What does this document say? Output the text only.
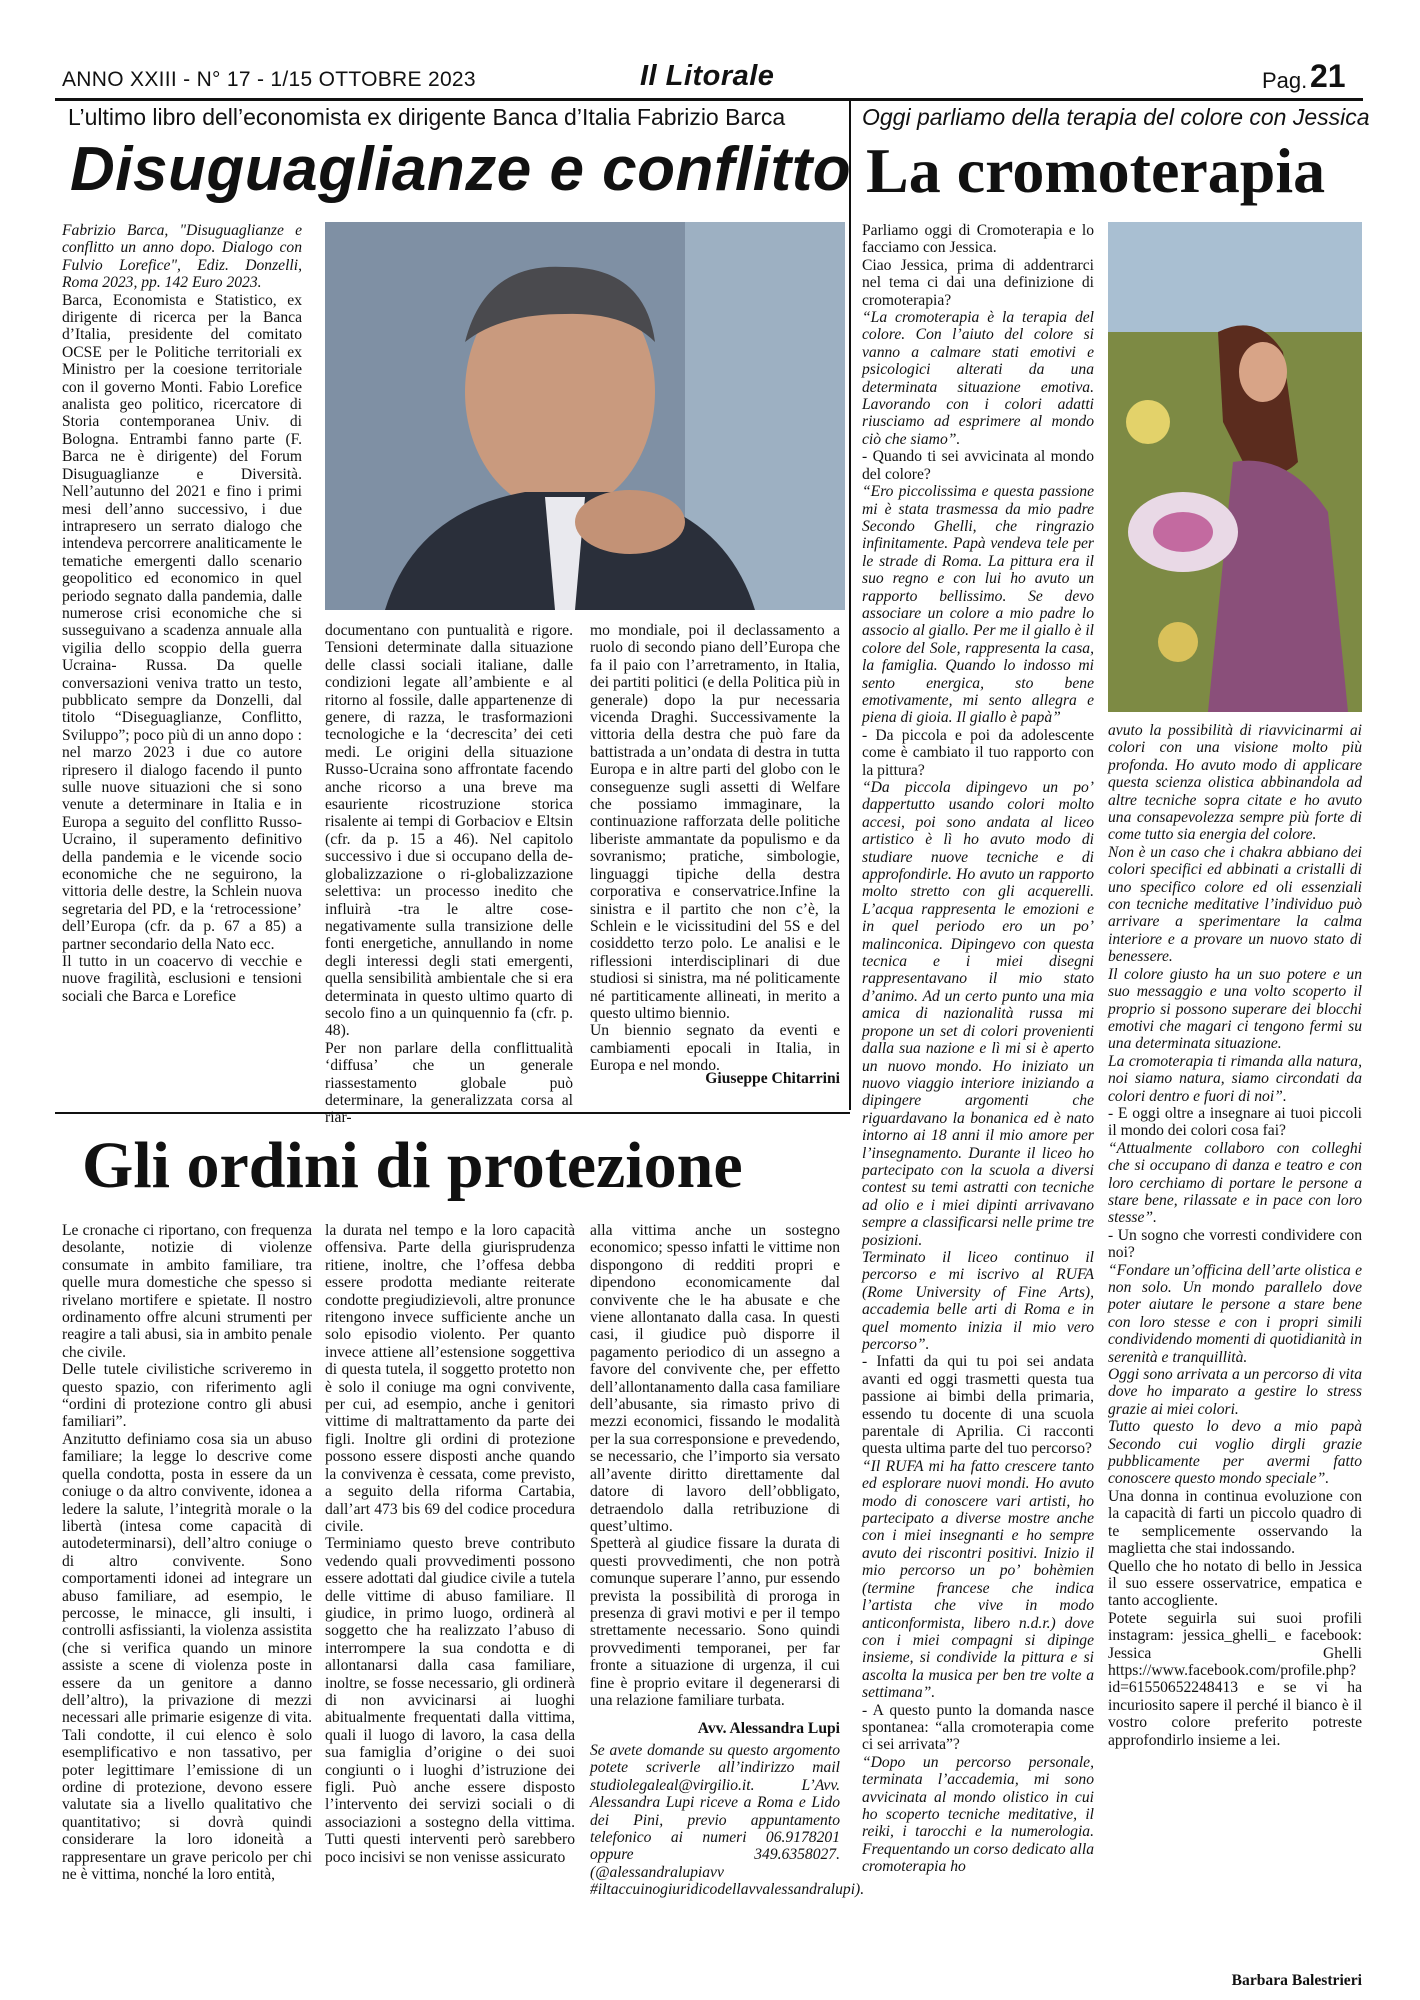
ANNO XXIII - N° 17 - 1/15 OTTOBRE 2023	Il Litorale	Pag. 21
L’ultimo libro dell’economista ex dirigente Banca d’Italia Fabrizio Barca
Disuguaglianze e conflitto

Fabrizio Barca, "Disuguaglianze e conflitto un anno dopo. Dialogo con Fulvio Lorefice", Ediz. Donzelli, Roma 2023, pp. 142 Euro 2023.

Barca, Economista e Statistico, ex dirigente di ricerca per la Banca d’Italia, presidente del comitato OCSE per le Politiche territoriali ex Ministro per la coesione territoriale con il governo Monti. Fabio Lorefice analista geo politico, ricercatore di Storia contemporanea Univ. di Bologna. Entrambi fanno parte (F. Barca ne è dirigente) del Forum Disuguaglianze e Diversità. Nell’autunno del 2021 e fino i primi mesi dell’anno successivo, i due intrapresero un serrato dialogo che intendeva percorrere analiticamente le tematiche emergenti dallo scenario geopolitico ed economico in quel periodo segnato dalla pandemia, dalle numerose crisi economiche che si susseguivano a scadenza annuale alla vigilia dello scoppio della guerra Ucraina- Russa. Da quelle conversazioni veniva tratto un testo, pubblicato sempre da Donzelli, dal titolo “Diseguaglianze, Conflitto, Sviluppo”; poco più di un anno dopo : nel marzo 2023 i due co autore ripresero il dialogo facendo il punto sulle nuove situazioni che si sono venute a determinare in Italia e in Europa a seguito del conflitto Russo-Ucraino, il superamento definitivo della pandemia e le vicende socio economiche che ne seguirono, la vittoria delle destre, la Schlein nuova segretaria del PD, e la ‘retrocessione’ dell’Europa (cfr. da p. 67 a 85) a partner secondario della Nato ecc.

Il tutto in un coacervo di vecchie e nuove fragilità, esclusioni e tensioni sociali che Barca e Lorefice

documentano con puntualità e rigore. Tensioni determinate dalla situazione delle classi sociali italiane, dalle condizioni legate all’ambiente e al ritorno al fossile, dalle appartenenze di genere, di razza, le trasformazioni tecnologiche e la ‘decrescita’ dei ceti medi. Le origini della situazione Russo-Ucraina sono affrontate facendo anche ricorso a una breve ma esauriente ricostruzione storica risalente ai tempi di Gorbaciov e Eltsin (cfr. da p. 15 a 46). Nel capitolo successivo i due si occupano della de-globalizzazione o ri-globalizzazione selettiva: un processo inedito che influirà -tra le altre cose- negativamente sulla transizione delle fonti energetiche, annullando in nome degli interessi degli stati emergenti, quella sensibilità ambientale che si era determinata in questo ultimo quarto di secolo fino a un quinquennio fa (cfr. p. 48).

Per non parlare della conflittualità ‘diffusa’ che un generale riassestamento globale può determinare, la generalizzata corsa al riar-

mo mondiale, poi il declassamento a ruolo di secondo piano dell’Europa che fa il paio con l’arretramento, in Italia, dei partiti politici (e della Politica più in generale) dopo la pur necessaria vicenda Draghi. Successivamente la vittoria della destra che può fare da battistrada a un’ondata di destra in tutta Europa e in altre parti del globo con le conseguenze sugli assetti di Welfare che possiamo immaginare, la continuazione rafforzata delle politiche liberiste ammantate da populismo e da sovranismo; pratiche, simbologie, linguaggi tipiche della destra corporativa e conservatrice.Infine la sinistra e il partito che non c’è, la Schlein e le vicissitudini del 5S e del cosiddetto terzo polo. Le analisi e le riflessioni interdisciplinari di due studiosi si sinistra, ma né politicamente né partiticamente allineati, in merito a questo ultimo biennio.

Un biennio segnato da eventi e cambiamenti epocali in Italia, in Europa e nel mondo.

Giuseppe Chitarrini
Gli ordini di protezione

Le cronache ci riportano, con frequenza desolante, notizie di violenze consumate in ambito familiare, tra quelle mura domestiche che spesso si rivelano mortifere e spietate. Il nostro ordinamento offre alcuni strumenti per reagire a tali abusi, sia in ambito penale che civile.

Delle tutele civilistiche scriveremo in questo spazio, con riferimento agli “ordini di protezione contro gli abusi familiari”.

Anzitutto definiamo cosa sia un abuso familiare; la legge lo descrive come quella condotta, posta in essere da un coniuge o da altro convivente, idonea a ledere la salute, l’integrità morale o la libertà (intesa come capacità di autodeterminarsi), dell’altro coniuge o di altro convivente. Sono comportamenti idonei ad integrare un abuso familiare, ad esempio, le percosse, le minacce, gli insulti, i controlli asfissianti, la violenza assistita (che si verifica quando un minore assiste a scene di violenza poste in essere da un genitore a danno dell’altro), la privazione di mezzi necessari alle primarie esigenze di vita. Tali condotte, il cui elenco è solo esemplificativo e non tassativo, per poter legittimare l’emissione di un ordine di protezione, devono essere valutate sia a livello qualitativo che quantitativo; si dovrà quindi considerare la loro idoneità a rappresentare un grave pericolo per chi ne è vittima, nonché la loro entità,

la durata nel tempo e la loro capacità offensiva. Parte della giurisprudenza ritiene, inoltre, che l’offesa debba essere prodotta mediante reiterate condotte pregiudizievoli, altre pronunce ritengono invece sufficiente anche un solo episodio violento. Per quanto invece attiene all’estensione soggettiva di questa tutela, il soggetto protetto non è solo il coniuge ma ogni convivente, per cui, ad esempio, anche i genitori vittime di maltrattamento da parte dei figli. Inoltre gli ordini di protezione possono essere disposti anche quando la convivenza è cessata, come previsto, a seguito della riforma Cartabia, dall’art 473 bis 69 del codice procedura civile.

Terminiamo questo breve contributo vedendo quali provvedimenti possono essere adottati dal giudice civile a tutela delle vittime di abuso familiare. Il giudice, in primo luogo, ordinerà al soggetto che ha realizzato l’abuso di interrompere la sua condotta e di allontanarsi dalla casa familiare, inoltre, se fosse necessario, gli ordinerà di non avvicinarsi ai luoghi abitualmente frequentati dalla vittima, quali il luogo di lavoro, la casa della sua famiglia d’origine o dei suoi congiunti o i luoghi d’istruzione dei figli. Può anche essere disposto l’intervento dei servizi sociali o di associazioni a sostegno della vittima. Tutti questi interventi però sarebbero poco incisivi se non venisse assicurato

alla vittima anche un sostegno economico; spesso infatti le vittime non dispongono di redditi propri e dipendono economicamente dal convivente che le ha abusate e che viene allontanato dalla casa. In questi casi, il giudice può disporre il pagamento periodico di un assegno a favore del convivente che, per effetto dell’allontanamento dalla casa familiare dell’abusante, sia rimasto privo di mezzi economici, fissando le modalità per la sua corresponsione e prevedendo, se necessario, che l’importo sia versato all’avente diritto direttamente dal datore di lavoro dell’obbligato, detraendolo dalla retribuzione di quest’ultimo.

Spetterà al giudice fissare la durata di questi provvedimenti, che non potrà comunque superare l’anno, pur essendo prevista la possibilità di proroga in presenza di gravi motivi e per il tempo strettamente necessario. Sono quindi provvedimenti temporanei, per far fronte a situazione di urgenza, il cui fine è proprio evitare il degenerarsi di una relazione familiare turbata.

Avv. Alessandra Lupi

Se avete domande su questo argomento potete scriverle all’indirizzo mail studiolegaleal@virgilio.it. L’Avv. Alessandra Lupi riceve a Roma e Lido dei Pini, previo appuntamento telefonico ai numeri 06.9178201 oppure 349.6358027. (@alessandralupiavv #iltaccuinogiuridicodellavvalessandralupi).

Oggi parliamo della terapia del colore con Jessica
La cromoterapia

Parliamo oggi di Cromoterapia e lo facciamo con Jessica.

Ciao Jessica, prima di addentrarci nel tema ci dai una definizione di cromoterapia?

“La cromoterapia è la terapia del colore. Con l’aiuto del colore si vanno a calmare stati emotivi e psicologici alterati da una determinata situazione emotiva. Lavorando con i colori adatti riusciamo ad esprimere al mondo ciò che siamo”.

- Quando ti sei avvicinata al mondo del colore?

“Ero piccolissima e questa passione mi è stata trasmessa da mio padre Secondo Ghelli, che ringrazio infinitamente. Papà vendeva tele per le strade di Roma. La pittura era il suo regno e con lui ho avuto un rapporto bellissimo. Se devo associare un colore a mio padre lo associo al giallo. Per me il giallo è il colore del Sole, rappresenta la casa, la famiglia. Quando lo indosso mi sento energica, sto bene emotivamente, mi sento allegra e piena di gioia. Il giallo è papà”

- Da piccola e poi da adolescente come è cambiato il tuo rapporto con la pittura?

“Da piccola dipingevo un po’ dappertutto usando colori molto accesi, poi sono andata al liceo artistico è lì ho avuto modo di studiare nuove tecniche e di approfondirle. Ho avuto un rapporto molto stretto con gli acquerelli. L’acqua rappresenta le emozioni e in quel periodo ero un po’ malinconica. Dipingevo con questa tecnica e i miei disegni rappresentavano il mio stato d’animo. Ad un certo punto una mia amica di nazionalità russa mi propone un set di colori provenienti dalla sua nazione e lì mi si è aperto un nuovo mondo. Ho iniziato un nuovo viaggio interiore iniziando a dipingere argomenti che riguardavano la bonanica ed è nato intorno ai 18 anni il mio amore per l’insegnamento. Durante il liceo ho partecipato con la scuola a diversi contest su temi astratti con tecniche ad olio e i miei dipinti arrivavano sempre a classificarsi nelle prime tre posizioni.

Terminato il liceo continuo il percorso e mi iscrivo al RUFA (Rome University of Fine Arts), accademia belle arti di Roma e in quel momento inizia il mio vero percorso”.

- Infatti da qui tu poi sei andata avanti ed oggi trasmetti questa tua passione ai bimbi della primaria, essendo tu docente di una scuola parentale di Aprilia. Ci racconti questa ultima parte del tuo percorso?

“Il RUFA mi ha fatto crescere tanto ed esplorare nuovi mondi. Ho avuto modo di conoscere vari artisti, ho partecipato a diverse mostre anche con i miei insegnanti e ho sempre avuto dei riscontri positivi. Inizio il mio percorso un po’ bohèmien (termine francese che indica l’artista che vive in modo anticonformista, libero n.d.r.) dove con i miei compagni si dipinge insieme, si condivide la pittura e si ascolta la musica per ben tre volte a settimana”.

- A questo punto la domanda nasce spontanea: “alla cromoterapia come ci sei arrivata”?

“Dopo un percorso personale, terminata l’accademia, mi sono avvicinata al mondo olistico in cui ho scoperto tecniche meditative, il reiki, i tarocchi e la numerologia. Frequentando un corso dedicato alla cromoterapia ho

avuto la possibilità di riavvicinarmi ai colori con una visione molto più profonda. Ho avuto modo di applicare questa scienza olistica abbinandola ad altre tecniche sopra citate e ho avuto una consapevolezza sempre più forte di come tutto sia energia del colore.

Non è un caso che i chakra abbiano dei colori specifici ed abbinati a cristalli di uno specifico colore ed oli essenziali con tecniche meditative l’individuo può arrivare a sperimentare la calma interiore e a provare un nuovo stato di benessere.

Il colore giusto ha un suo potere e un suo messaggio e una volto scoperto il proprio si possono superare dei blocchi emotivi che magari ci tengono fermi su una determinata situazione.

La cromoterapia ti rimanda alla natura, noi siamo natura, siamo circondati da colori dentro e fuori di noi”.

- E oggi oltre a insegnare ai tuoi piccoli il mondo dei colori cosa fai?

“Attualmente collaboro con colleghi che si occupano di danza e teatro e con loro cerchiamo di portare le persone a stare bene, rilassate e in pace con loro stesse”.

- Un sogno che vorresti condividere con noi?

“Fondare un’officina dell’arte olistica e non solo. Un mondo parallelo dove poter aiutare le persone a stare bene con loro stesse e con i propri simili condividendo momenti di quotidianità in serenità e tranquillità.

Oggi sono arrivata a un percorso di vita dove ho imparato a gestire lo stress grazie ai miei colori.

Tutto questo lo devo a mio papà Secondo cui voglio dirgli grazie pubblicamente per avermi fatto conoscere questo mondo speciale”.

Una donna in continua evoluzione con la capacità di farti un piccolo quadro di te semplicemente osservando la maglietta che stai indossando.

Quello che ho notato di bello in Jessica il suo essere osservatrice, empatica e tanto accogliente.

Potete seguirla sui suoi profili instagram: jessica_ghelli_ e facebook: Jessica Ghelli https://www.facebook.com/profile.php?id=61550652248413 e se vi ha incuriosito sapere il perché il bianco è il vostro colore preferito potreste approfondirlo insieme a lei.

Barbara Balestrieri
